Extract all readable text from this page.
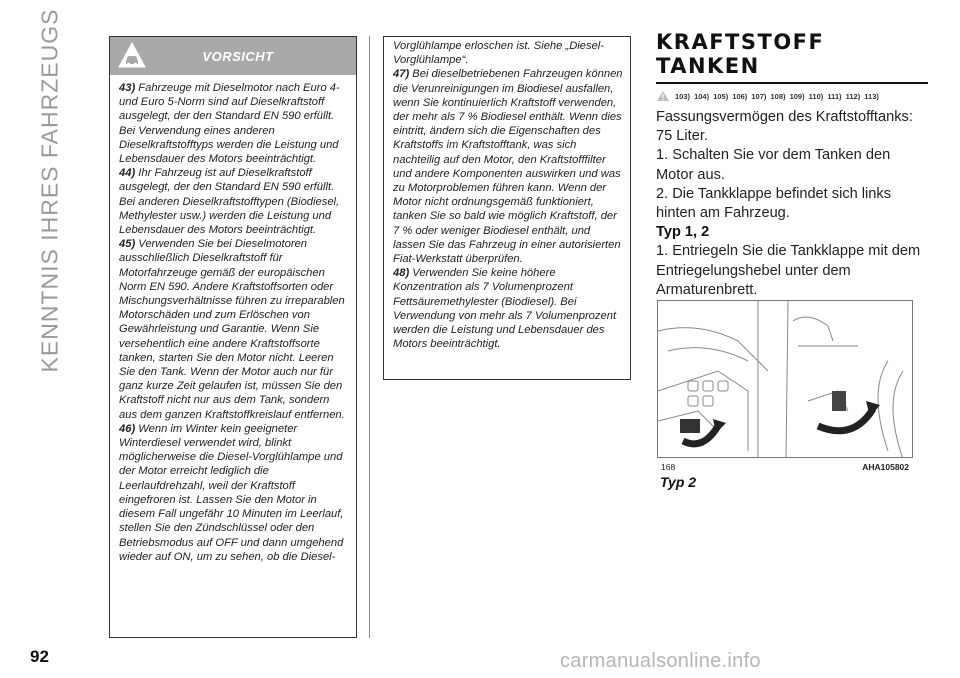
KENNTNIS IHRES FAHRZEUGS	VORSICHT

43) Fahrzeuge mit Dieselmotor nach Euro 4- und Euro 5-Norm sind auf Dieselkraftstoff ausgelegt, der den Standard EN 590 erfüllt. Bei Verwendung eines anderen Dieselkraftstofftyps werden die Leistung und Lebensdauer des Motors beeinträchtigt.

44) Ihr Fahrzeug ist auf Dieselkraftstoff ausgelegt, der den Standard EN 590 erfüllt. Bei anderen Dieselkraftstofftypen (Biodiesel, Methylester usw.) werden die Leistung und Lebensdauer des Motors beeinträchtigt.

45) Verwenden Sie bei Dieselmotoren ausschließlich Dieselkraftstoff für Motorfahrzeuge gemäß der europäischen Norm EN 590. Andere Kraftstoffsorten oder Mischungsverhältnisse führen zu irreparablen Motorschäden und zum Erlöschen von Gewährleistung und Garantie. Wenn Sie versehentlich eine andere Kraftstoffsorte tanken, starten Sie den Motor nicht. Leeren Sie den Tank. Wenn der Motor auch nur für ganz kurze Zeit gelaufen ist, müssen Sie den Kraftstoff nicht nur aus dem Tank, sondern aus dem ganzen Kraftstoffkreislauf entfernen.

46) Wenn im Winter kein geeigneter Winterdiesel verwendet wird, blinkt möglicherweise die Diesel-Vorglühlampe und der Motor erreicht lediglich die Leerlaufdrehzahl, weil der Kraftstoff eingefroren ist. Lassen Sie den Motor in diesem Fall ungefähr 10 Minuten im Leerlauf, stellen Sie den Zündschlüssel oder den Betriebsmodus auf OFF und dann umgehend wieder auf ON, um zu sehen, ob die Diesel-

Vorglühlampe erloschen ist. Siehe „Diesel-Vorglühlampe“.

47) Bei dieselbetriebenen Fahrzeugen können die Verunreinigungen im Biodiesel ausfallen, wenn Sie kontinuierlich Kraftstoff verwenden, der mehr als 7 % Biodiesel enthält. Wenn dies eintritt, ändern sich die Eigenschaften des Kraftstoffs im Kraftstofftank, was sich nachteilig auf den Motor, den Kraftstofffilter und andere Komponenten auswirken und was zu Motorproblemen führen kann. Wenn der Motor nicht ordnungsgemäß funktioniert, tanken Sie so bald wie möglich Kraftstoff, der 7 % oder weniger Biodiesel enthält, und lassen Sie das Fahrzeug in einer autorisierten Fiat-Werkstatt überprüfen.

48) Verwenden Sie keine höhere Konzentration als 7 Volumenprozent Fettsäuremethylester (Biodiesel). Bei Verwendung von mehr als 7 Volumenprozent werden die Leistung und Lebensdauer des Motors beeinträchtigt.

KRAFTSTOFF
TANKEN
103) 104) 105) 106) 107) 108) 109) 110) 111) 112) 113)

Fassungsvermögen des Kraftstofftanks: 75 Liter.

1. Schalten Sie vor dem Tanken den Motor aus.

2. Die Tankklappe befindet sich links hinten am Fahrzeug.

Typ 1, 2

1. Entriegeln Sie die Tankklappe mit dem Entriegelungshebel unter dem Armaturenbrett.

168	AHA105802
Typ 2
92	carmanualsonline.info
